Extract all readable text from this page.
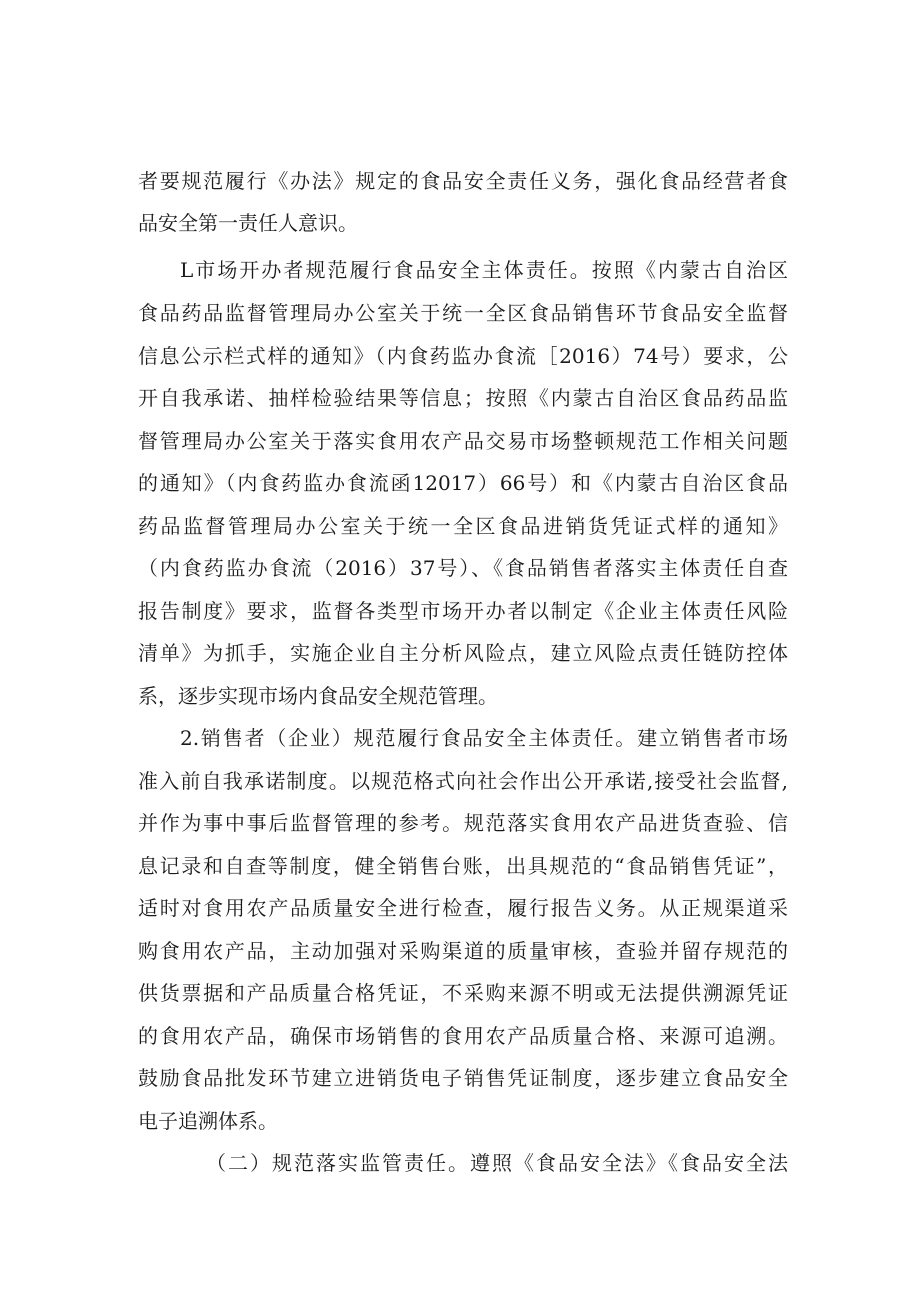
者要规范履行《办法》规定的食品安全责任义务，强化食品经营者食
品安全第一责任人意识。
L市场开办者规范履行食品安全主体责任。按照《内蒙古自治区
食品药品监督管理局办公室关于统一全区食品销售环节食品安全监督
信息公示栏式样的通知》（内食药监办食流［2016）74号）要求，公
开自我承诺、抽样检验结果等信息；按照《内蒙古自治区食品药品监
督管理局办公室关于落实食用农产品交易市场整顿规范工作相关问题
的通知》（内食药监办食流函12017）66号）和《内蒙古自治区食品
药品监督管理局办公室关于统一全区食品进销货凭证式样的通知》
（内食药监办食流（2016）37号）、《食品销售者落实主体责任自查
报告制度》要求，监督各类型市场开办者以制定《企业主体责任风险
清单》为抓手，实施企业自主分析风险点，建立风险点责任链防控体
系，逐步实现市场内食品安全规范管理。
2.销售者（企业）规范履行食品安全主体责任。建立销售者市场
准入前自我承诺制度。以规范格式向社会作出公开承诺,接受社会监督,
并作为事中事后监督管理的参考。规范落实食用农产品进货查验、信
息记录和自查等制度，健全销售台账，出具规范的“食品销售凭证”，
适时对食用农产品质量安全进行检查，履行报告义务。从正规渠道采
购食用农产品，主动加强对采购渠道的质量审核，查验并留存规范的
供货票据和产品质量合格凭证，不采购来源不明或无法提供溯源凭证
的食用农产品，确保市场销售的食用农产品质量合格、来源可追溯。
鼓励食品批发环节建立进销货电子销售凭证制度，逐步建立食品安全
电子追溯体系。
（二）规范落实监管责任。遵照《食品安全法》《食品安全法
